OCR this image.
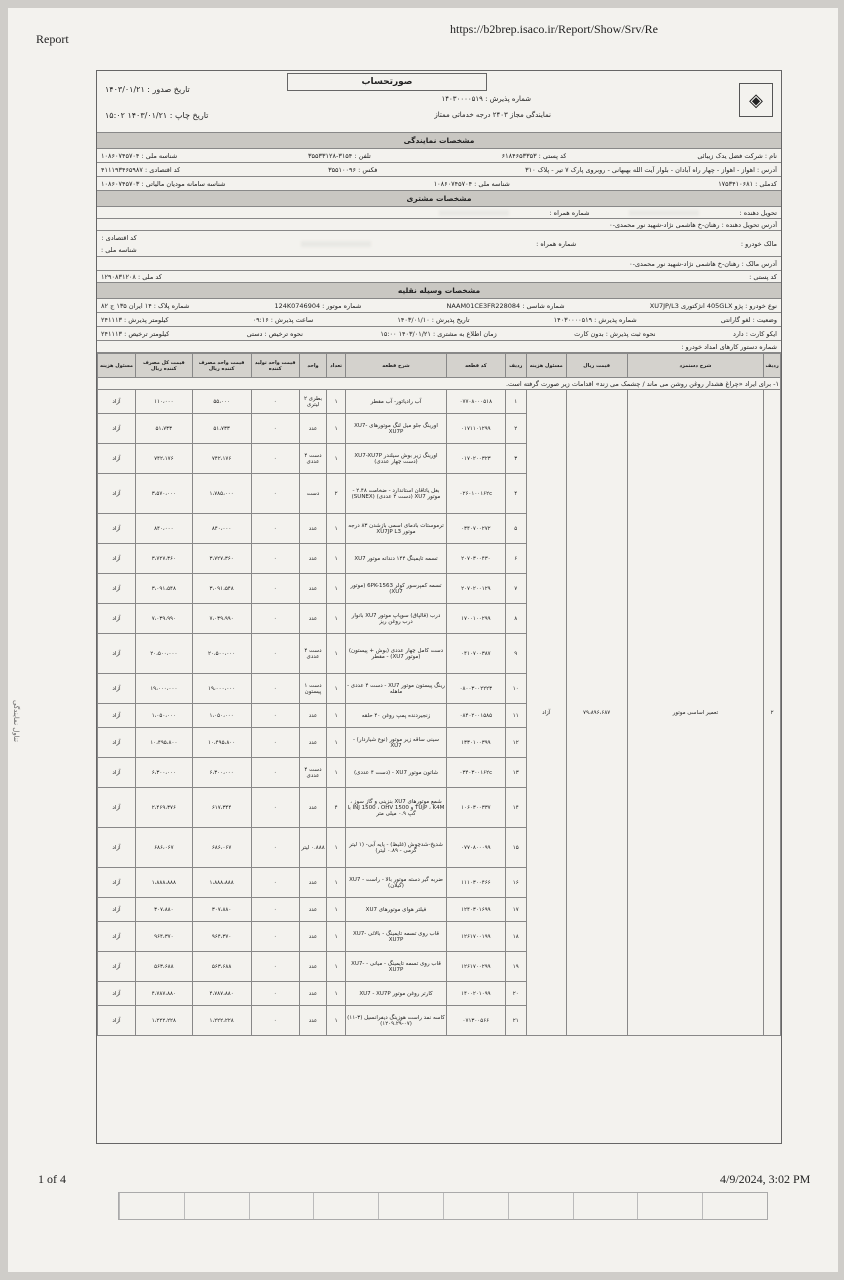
تناول نمایندگی
Report
https://b2brep.isaco.ir/Report/Show/Srv/Re
◈
صورتحساب
شماره پذیرش : ۱۴۰۳۰۰۰۰۵۱۹
نمایندگی مجاز ۲۴۰۳ درجه خدماتی ممتاز
تاریخ صدور : ۱۴۰۳/۰۱/۲۱
تاریخ چاپ : ۱۴۰۳/۰۱/۲۱ ۱۵:۰۲
مشخصات نمایندگی
نام : شرکت فضل یدک زیبائی
کد پستی : ۶۱۸۴۶۵۳۳۵۳
تلفن : ۳۱۵۴-۳۵۵۳۳۱۲۸
شناسه ملی : ۱۰۸۶۰۷۴۵۷۰۴
آدرس : اهواز - اهواز - چهار راه آبادان - بلوار آیت الله بهبهانی - روبروی پارک ۷ تیر - پلاک ۳۱۰
فکس : ۳۵۵۱۰۰۹۶
کد اقتصادی : ۴۱۱۱۹۳۴۶۵۹۸۷
کدملی : ۱۷۵۳۴۱۰۶۸۱
شناسه ملی : ۱۰۸۶۰۷۴۵۷۰۴
شناسه سامانه مودیان مالیاتی : ۱۰۸۶۰۷۴۵۷۰۳
مشخصات مشتری
تحویل دهنده :
شماره همراه :
آدرس تحویل دهنده : رهنان-خ هاشمی نژاد-شهید نور محمدی-۰
مالک خودرو :
شماره همراه :
کد اقتصادی :
شناسه ملی :
آدرس مالک : رهنان-خ هاشمی نژاد-شهید نور محمدی-۰
کد پستی :
کد ملی : ۱۲۹۰۸۳۱۲۰۸
مشخصات وسیله نقلیه
نوع خودرو : پژو 405GLX انژکتوری XU7JP/L3
شماره شاسی : NAAM01CE3FR228084
شماره موتور : 124K0746904
شماره پلاک : ۱۴ ایران ۱۳۵ ج ۸۲
وضعیت : لغو گارانتی
شماره پذیرش : ۱۴۰۳۰۰۰۰۵۱۹
تاریخ پذیرش : ۱۴۰۳/۰۱/۱۰
ساعت پذیرش : ۰۹:۱۶
کیلومتر پذیرش : ۲۴۱۱۱۳
ایکو کارت : دارد
نحوه ثبت پذیرش : بدون کارت
زمان اطلاع به مشتری : ۱۴۰۳/۰۱/۲۱ ۱۵:۰۰
نحوه ترخیص : دستی
کیلومتر ترخیص : ۲۴۱۱۱۳
شماره دستور کارهای امداد خودرو :
ردیف	شرح دستمزد	قیمت ریال	مسئول هزینه	ردیف	کد قطعه	شرح قطعه	تعداد	واحد	قیمت واحد تولید کننده	قیمت واحد مصرف کننده ریال	قیمت کل مصرف کننده ریال	مسئول هزینه
۱- برای ایراد «چراغ هشدار روغن روشن می ماند / چشمک می زند» اقدامات زیر صورت گرفته است.												
۲	تعمیر اساسی موتور	۷۹،۸۹۶،۶۸۷	آزاد	۱	۰۷۷۰۸۰۰۰۵۱۸	آب رادیاتور- آب مقطر	۱	بطری ۲ لیتری	۰	۵۵،۰۰۰	۱۱۰،۰۰۰	آزاد
				۲	۰۱۷۱۱۰۱۲۹۹	اورینگ جلو میل لنگ موتورهای XU7-XU7P	۱	عدد	۰	۵۱،۷۳۳	۵۱،۷۳۳	آزاد
				۳	۰۱۷۰۲۰۰۳۲۳	اورینگ زیر بوش سیلندر XU7-XU7P (دست چهار عددی)	۱	دست ۴ عددی	۰	۷۴۲،۱۷۶	۷۴۲،۱۷۶	آزاد
				۴	۰۲۶۰۱۰۰۱۶۲c	بغل یاتاقان استاندارد - ضخامت ۲.۴۸ - موتور XU7 (دست ۲ عددی) (SUNEX)	۲	دست	۰	۱،۷۸۵،۰۰۰	۳،۵۷۰،۰۰۰	آزاد
				۵	۰۳۴۰۷۰۰۲۷۲	ترموستات بادمای اسمی بازشدن ۸۳ درجه موتور XU7JP L3	۱	عدد	۰	۸۴۰،۰۰۰	۸۴۰،۰۰۰	آزاد
				۶	۲۰۷۰۳۰۰۴۳۰	تسمه تایمینگ ۱۴۴ دندانه موتور XU7	۱	عدد	۰	۳،۷۲۷،۳۶۰	۳،۷۲۷،۳۶۰	آزاد
				۷	۲۰۷۰۲۰۰۱۲۹	تسمه کمپرسور کولر 6PK-1563 (موتور XU7)	۱	عدد	۰	۳،۰۹۱،۵۴۸	۳،۰۹۱،۵۴۸	آزاد
				۸	۱۷۰۰۱۰۰۲۹۹	درب (قالپاق) سوپاپ موتور XU7 بانوار درب روغن ریز	۱	عدد	۰	۷،۰۳۹،۹۹۰	۷،۰۳۹،۹۹۰	آزاد
				۹	۰۴۱۰۷۰۰۳۸۷	دست کامل چهار عددی (بوش + پیستون) (موتور XU7) - مقطر	۱	دست ۴ عددی	۰	۲۰،۵۰۰،۰۰۰	۲۰،۵۰۰،۰۰۰	آزاد
				۱۰	۰۸۰۰۳۰۰۲۲۲۳	رینگ پیستون موتور XU7 - دست ۴ عددی - ماهله	۱	دست ۱ پیستون	۰	۱۹،۰۰۰،۰۰۰	۱۹،۰۰۰،۰۰۰	آزاد
				۱۱	۰۸۴۰۲۰۰۱۵۸۵	زنجیردنده پمپ روغن ۴۰ حلقه	۱	عدد	۰	۱،۰۵۰،۰۰۰	۱،۰۵۰،۰۰۰	آزاد
				۱۲	۱۳۳۰۱۰۰۳۹۹	سینی ساقه زیر موتور (نوع شیاردار) - XU7	۱	عدد	۰	۱۰،۴۹۵،۸۰۰	۱۰،۴۹۵،۸۰۰	آزاد
				۱۳	۰۳۴۰۳۰۰۱۶۲c	شاتون موتور XU7 - (دست ۴ عددی)	۱	دست ۴ عددی	۰	۶،۳۰۰،۰۰۰	۶،۳۰۰،۰۰۰	آزاد
				۱۴	۱۰۶۰۳۰۰۳۳۷	شمع موتورهای XU7 بنزینی و گاز سوز ، TUjP ، K4M و INJ 1500 ، OHV 1500 با گپ ۰.۹ میلی متر	۴	عدد	۰	۶۱۷،۳۴۴	۲،۴۶۹،۳۷۶	آزاد
				۱۵	۰۷۷۰۸۰۰۰۹۹	شدیخ-شدچوش (غلیظ) - پایه آبی- (۱ لیتر گرمی - ۰.۸۹ لیتر)	۱	۰.۸۸۸ لیتر	۰	۶۸۶،۰۶۷	۶۸۶،۰۶۷	آزاد
				۱۶	۱۱۱۰۳۰۰۴۶۶	ضربه گیر دسته موتور بالا - راست - XU7 (کیلان)	۱	عدد	۰	۱،۸۸۸،۸۸۸	۱،۸۸۸،۸۸۸	آزاد
				۱۷	۱۲۴۰۳۰۱۶۹۹	فیلتر هوای موتورهای XU7	۱	عدد	۰	۳۰۷،۸۸۰	۳۰۷،۸۸۰	آزاد
				۱۸	۱۲۶۱۷۰۰۱۹۹	قاب روی تسمه تایمینگ - بالائی XU7-XU7P	۱	عدد	۰	۹۶۴،۳۷۰	۹۶۴،۳۷۰	آزاد
				۱۹	۱۲۶۱۷۰۰۲۹۹	قاب روی تسمه تایمینگ - میانی - XU7-XU7P	۱	عدد	۰	۵۶۳،۶۸۸	۵۶۳،۶۸۸	آزاد
				۲۰	۱۴۰۰۲۰۱۰۹۹	کارتر روغن موتور XU7 - XU7P	۱	عدد	۰	۴،۷۸۷،۸۸۰	۴،۷۸۷،۸۸۰	آزاد
				۲۱	۰۷۱۳۰۰۵۶۶	کاسه نمد راست هوزینگ دیفرانسیل (۳-۱۱) (۰۷-۱۲۰۹.۲۹)	۱	عدد	۰	۱،۲۲۲،۲۲۸	۱،۲۲۲،۲۲۸	آزاد
1 of 4	4/9/2024, 3:02 PM
